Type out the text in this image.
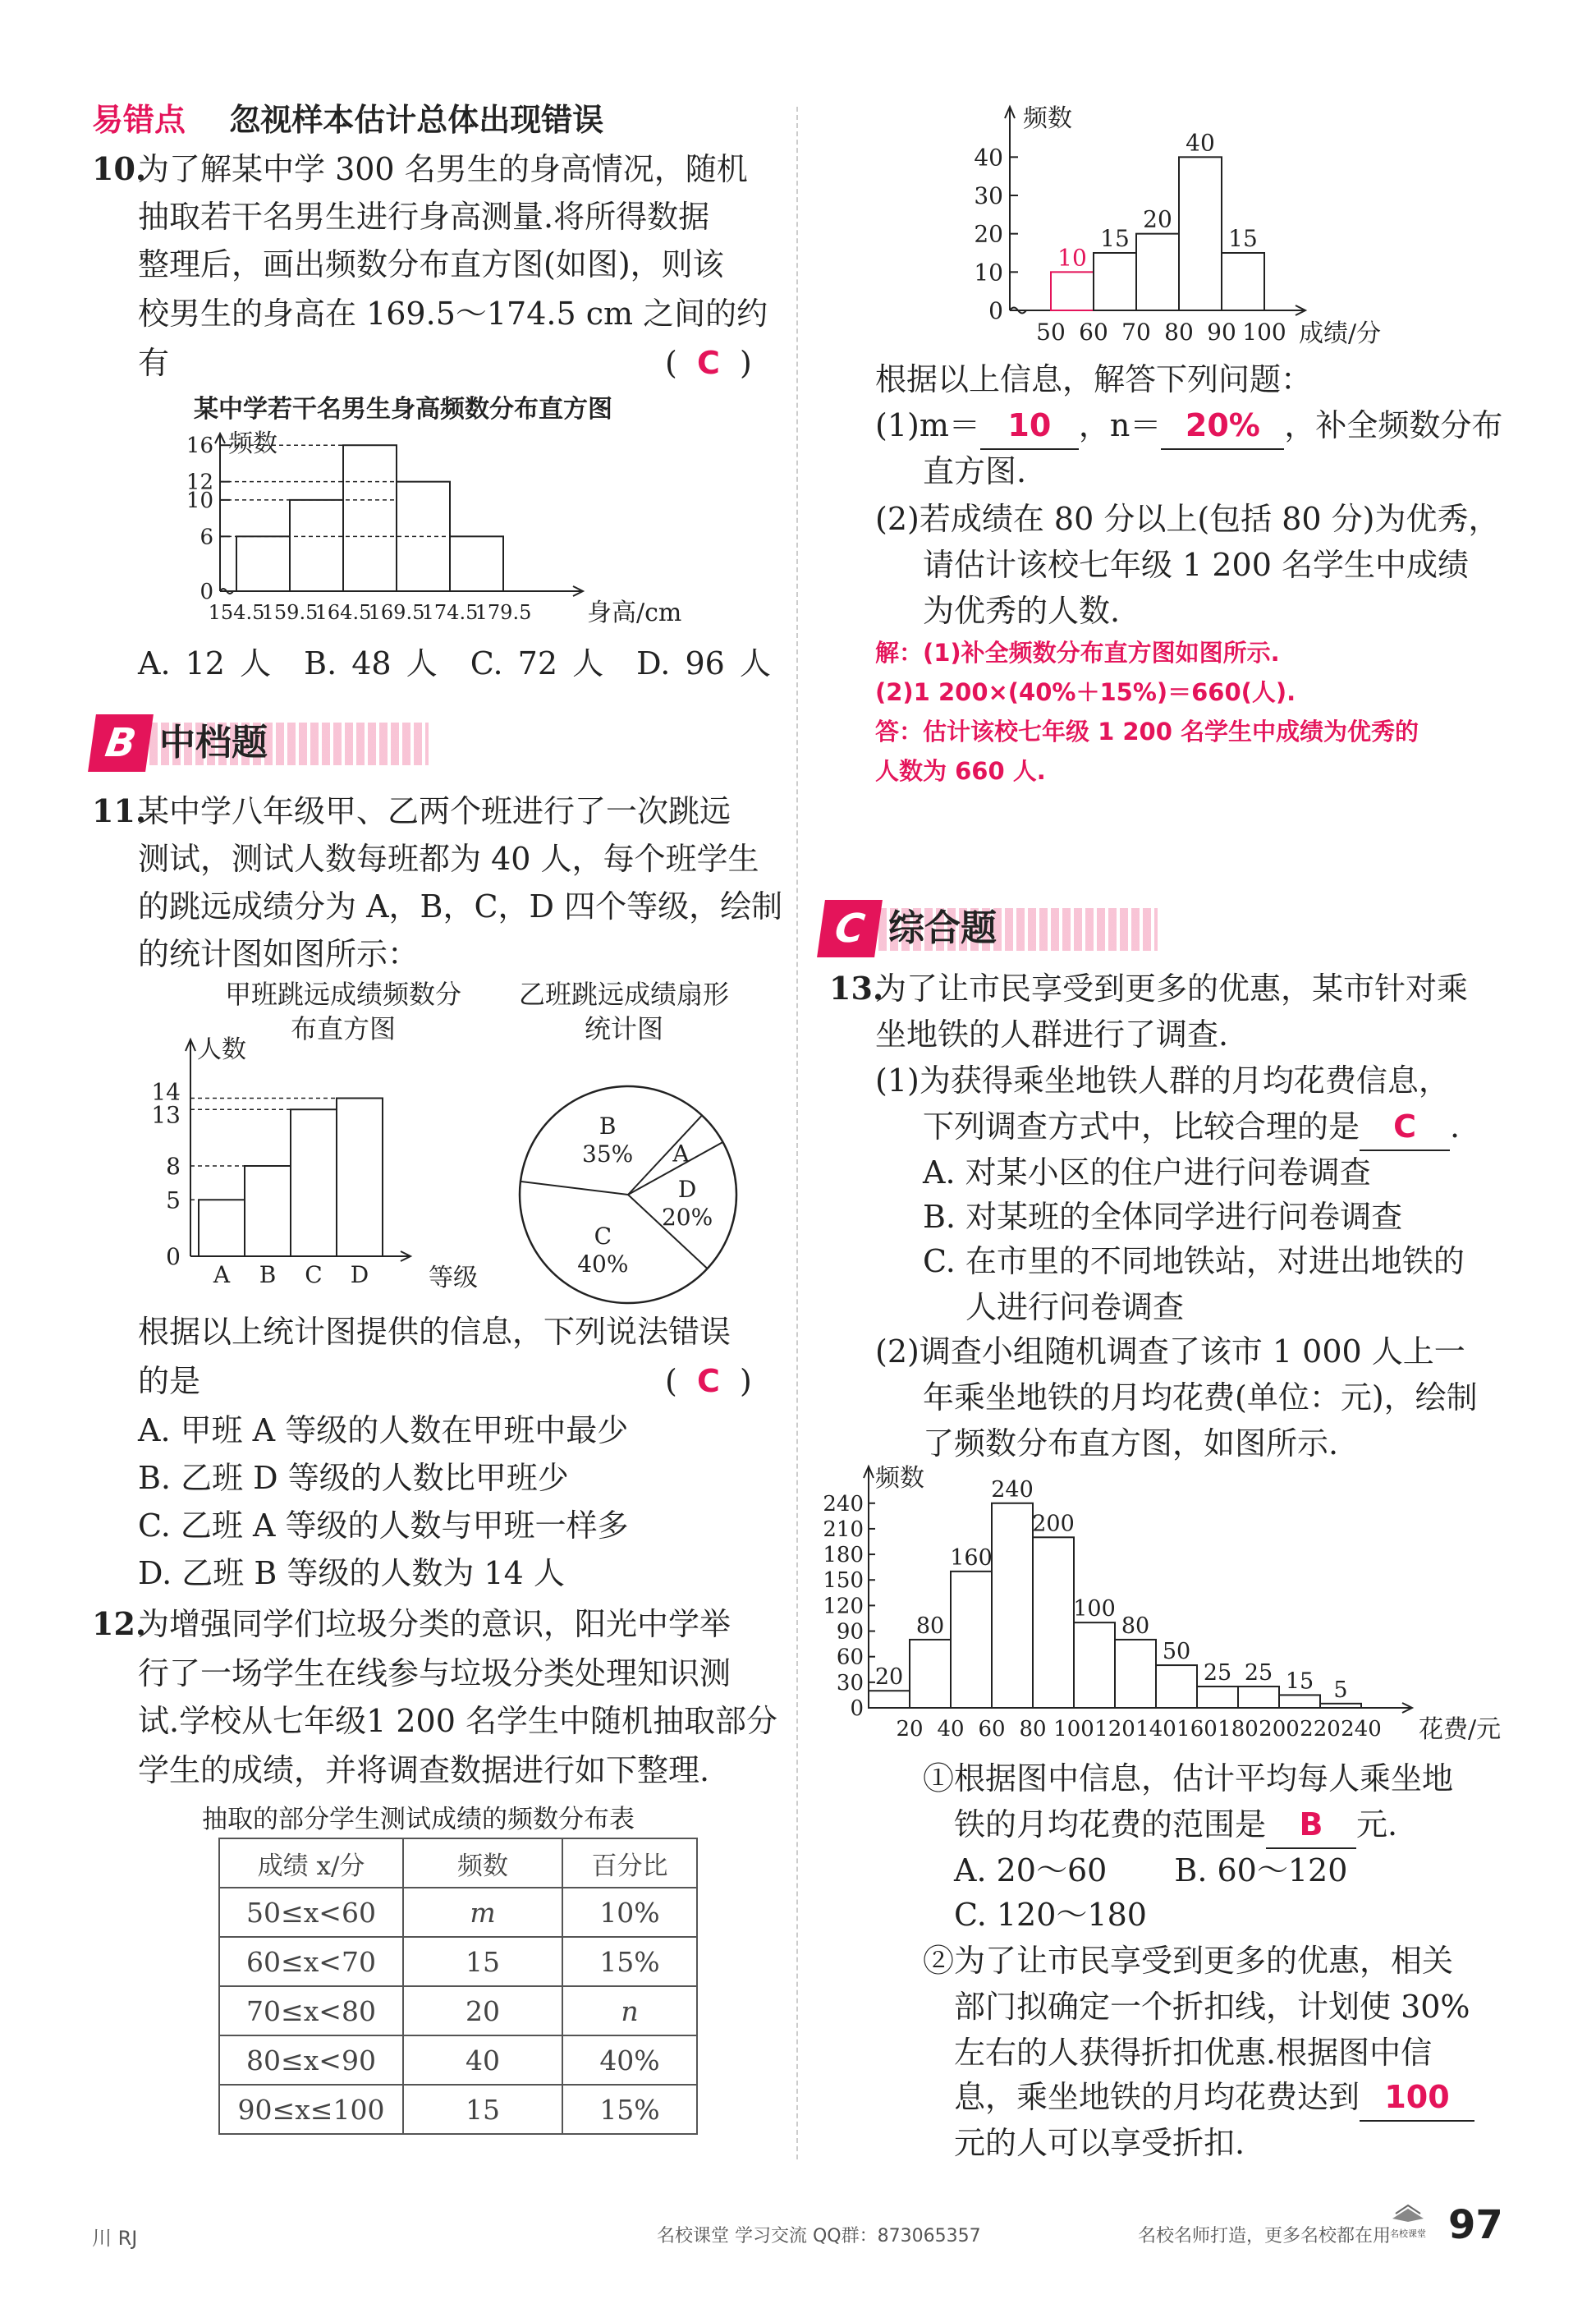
易错点 忽视样本估计总体出现错误
10.
为了解某中学 300 名男生的身高情况，随机
抽取若干名男生进行身高测量.将所得数据
整理后，画出频数分布直方图(如图)，则该
校男生的身高在 169.5～174.5 cm 之间的约
有	(  C  )
某中学若干名男生身高频数分布直方图
频数
0
6
10
12
16
154.5
159.5
164.5
169.5
174.5
179.5 身高/cm
A. 12 人 B. 48 人 C. 72 人 D. 96 人
B 中档题
11.
某中学八年级甲、乙两个班进行了一次跳远
测试，测试人数每班都为 40 人，每个班学生
的跳远成绩分为 A，B，C，D 四个等级，绘制
的统计图如图所示：
甲班跳远成绩频数分布直方图
人数
0
5
8
13
14
A B C D 等级
乙班跳远成绩扇形统计图
B
35% A
D
20%
C
40%
根据以上统计图提供的信息，下列说法错误
的是	(  C  )
A. 甲班 A 等级的人数在甲班中最少
B. 乙班 D 等级的人数比甲班少
C. 乙班 A 等级的人数与甲班一样多
D. 乙班 B 等级的人数为 14 人
12.
为增强同学们垃圾分类的意识，阳光中学举
行了一场学生在线参与垃圾分类处理知识测
试.学校从七年级1 200 名学生中随机抽取部分
学生的成绩，并将调查数据进行如下整理.
抽取的部分学生测试成绩的频数分布表
成绩 x/分	频数	百分比
50≤x<60	m	10%
60≤x<70	15	15%
70≤x<80	20	n
80≤x<90	40	40%
90≤x≤100	15	15%
频数
0
10
20
30
40
10
15
20
40
15
50 60 70 80 90 100 成绩/分
根据以上信息，解答下列问题：
(1)m＝ 10 ，n＝ 20% ，补全频数分布
直方图.
(2)若成绩在 80 分以上(包括 80 分)为优秀，
请估计该校七年级 1 200 名学生中成绩
为优秀的人数.
解：(1)补全频数分布直方图如图所示.
(2)1 200×(40%＋15%)＝660(人).
答：估计该校七年级 1 200 名学生中成绩为优秀的
人数为 660 人.
C 综合题
13.
为了让市民享受到更多的优惠，某市针对乘
坐地铁的人群进行了调查.
(1)为获得乘坐地铁人群的月均花费信息，
下列调查方式中，比较合理的是 C .
A. 对某小区的住户进行问卷调查
B. 对某班的全体同学进行问卷调查
C. 在市里的不同地铁站，对进出地铁的
人进行问卷调查
(2)调查小组随机调查了该市 1 000 人上一
年乘坐地铁的月均花费(单位：元)，绘制
了频数分布直方图，如图所示.
频数
0
30
60
90
120
150
180
210
240
20
80
160
240
200
100
80
50
25 25 15 5
20 40 60 80 100 120 140 160 180 200 220 240 花费/元
①根据图中信息，估计平均每人乘坐地
铁的月均花费的范围是 B 元.
A. 20～60 B. 60～120
C. 120～180
②为了让市民享受到更多的优惠，相关
部门拟确定一个折扣线，计划使 30%
左右的人获得折扣优惠.根据图中信
息，乘坐地铁的月均花费达到 100
元的人可以享受折扣.
川 RJ	名校课堂 学习交流 QQ群：873065357	名校名师打造，更多名校都在用
名校课堂 97
